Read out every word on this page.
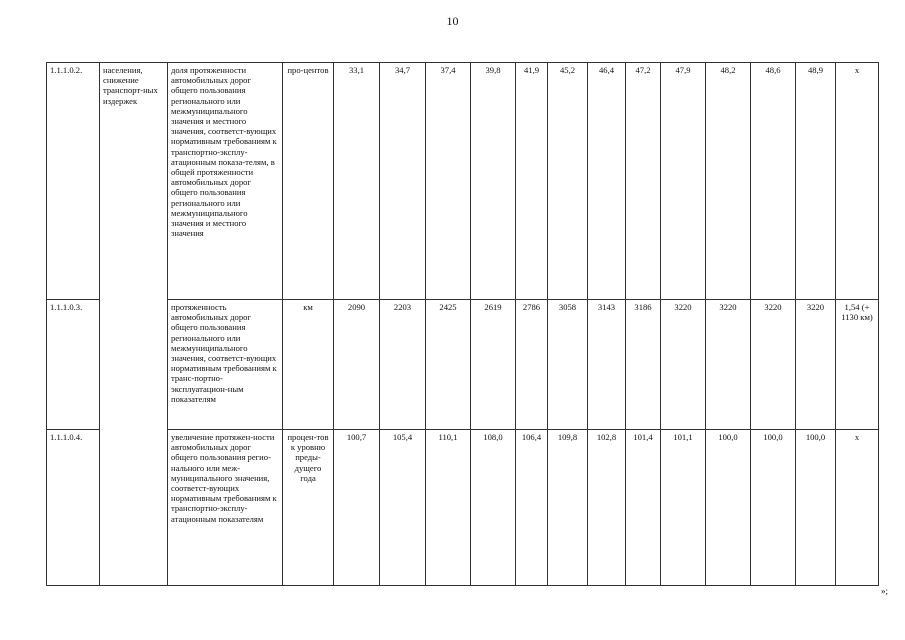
10
1.1.1.0.2.	населения, снижение транспорт-ных издержек	доля протяженности автомобильных дорог общего пользования регионального или межмуниципального значения и местного значения, соответст-вующих нормативным требованиям к транспортно-эксплу-атационным показа-телям, в общей протяженности автомобильных дорог общего пользования регионального или межмуниципального значения и местного значения	про-центов	33,1	34,7	37,4	39,8	41,9	45,2	46,4	47,2	47,9	48,2	48,6	48,9	х
1.1.1.0.3.		протяженность автомобильных дорог общего пользования регионального или межмуниципального значения, соответст-вующих нормативным требованиям к транс-портно-эксплуатацион-ным показателям	км	2090	2203	2425	2619	2786	3058	3143	3186	3220	3220	3220	3220	1,54 (+ 1130 км)
1.1.1.0.4.		увеличение протяжен-ности автомобильных дорог общего пользования регио-нального или меж-муниципального значения, соответст-вующих нормативным требованиям к транспортно-эксплу-атационным показателям	процен-тов к уровню преды-дущего года	100,7	105,4	110,1	108,0	106,4	109,8	102,8	101,4	101,1	100,0	100,0	100,0	х
»;
